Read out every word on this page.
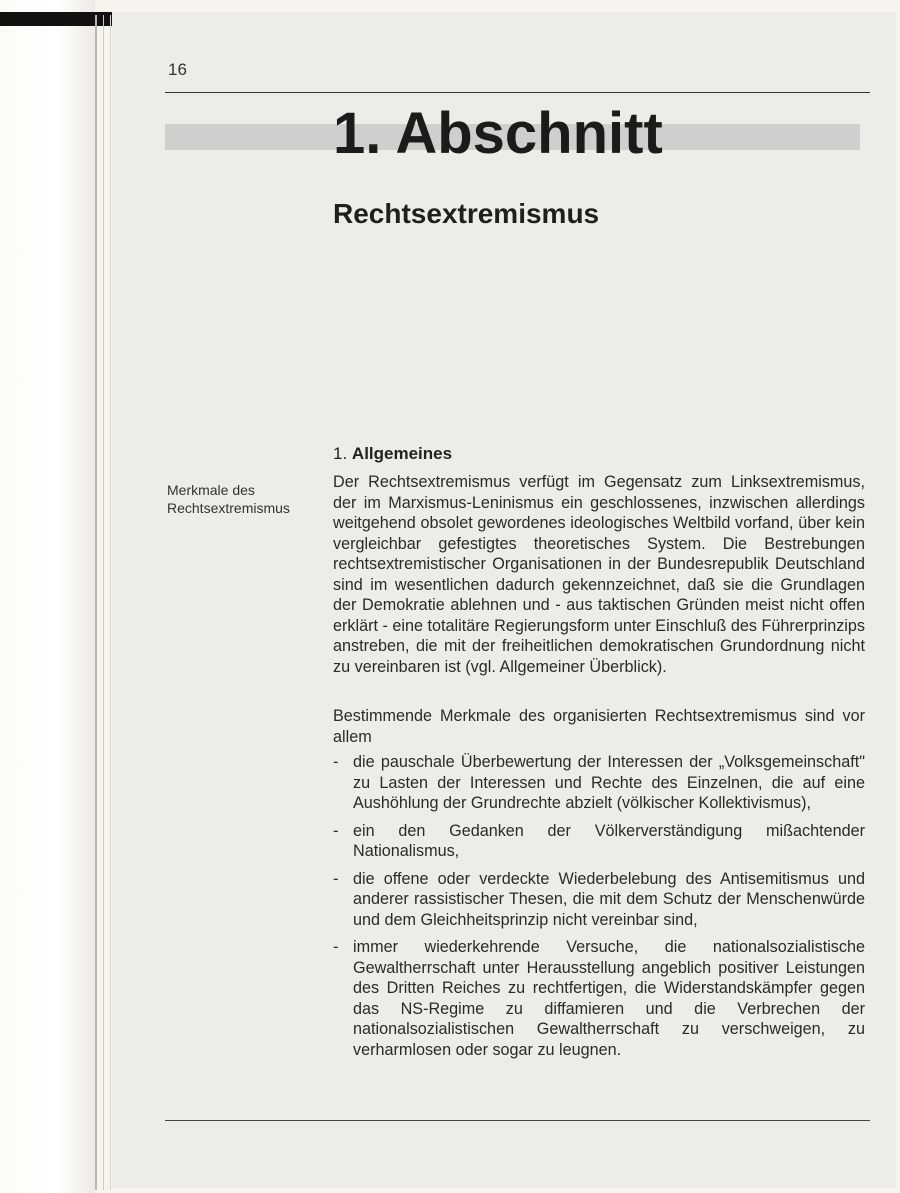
16
1. Abschnitt
Rechtsextremismus
1. Allgemeines
Merkmale des Rechtsextremismus
Der Rechtsextremismus verfügt im Gegensatz zum Linksextremismus, der im Marxismus-Leninismus ein geschlossenes, inzwischen allerdings weitgehend obsolet gewordenes ideologisches Weltbild vorfand, über kein vergleichbar gefestigtes theoretisches System. Die Bestrebungen rechtsextremistischer Organisationen in der Bundesrepublik Deutschland sind im wesentlichen dadurch gekennzeichnet, daß sie die Grundlagen der Demokratie ablehnen und - aus taktischen Gründen meist nicht offen erklärt - eine totalitäre Regierungsform unter Einschluß des Führerprinzips anstreben, die mit der freiheitlichen demokratischen Grundordnung nicht zu vereinbaren ist (vgl. Allgemeiner Überblick).
Bestimmende Merkmale des organisierten Rechtsextremismus sind vor allem
- die pauschale Überbewertung der Interessen der „Volksgemeinschaft" zu Lasten der Interessen und Rechte des Einzelnen, die auf eine Aushöhlung der Grundrechte abzielt (völkischer Kollektivismus),
- ein den Gedanken der Völkerverständigung mißachtender Nationalismus,
- die offene oder verdeckte Wiederbelebung des Antisemitismus und anderer rassistischer Thesen, die mit dem Schutz der Menschenwürde und dem Gleichheitsprinzip nicht vereinbar sind,
- immer wiederkehrende Versuche, die nationalsozialistische Gewaltherrschaft unter Herausstellung angeblich positiver Leistungen des Dritten Reiches zu rechtfertigen, die Widerstandskämpfer gegen das NS-Regime zu diffamieren und die Verbrechen der nationalsozialistischen Gewaltherrschaft zu verschweigen, zu verharmlosen oder sogar zu leugnen.
